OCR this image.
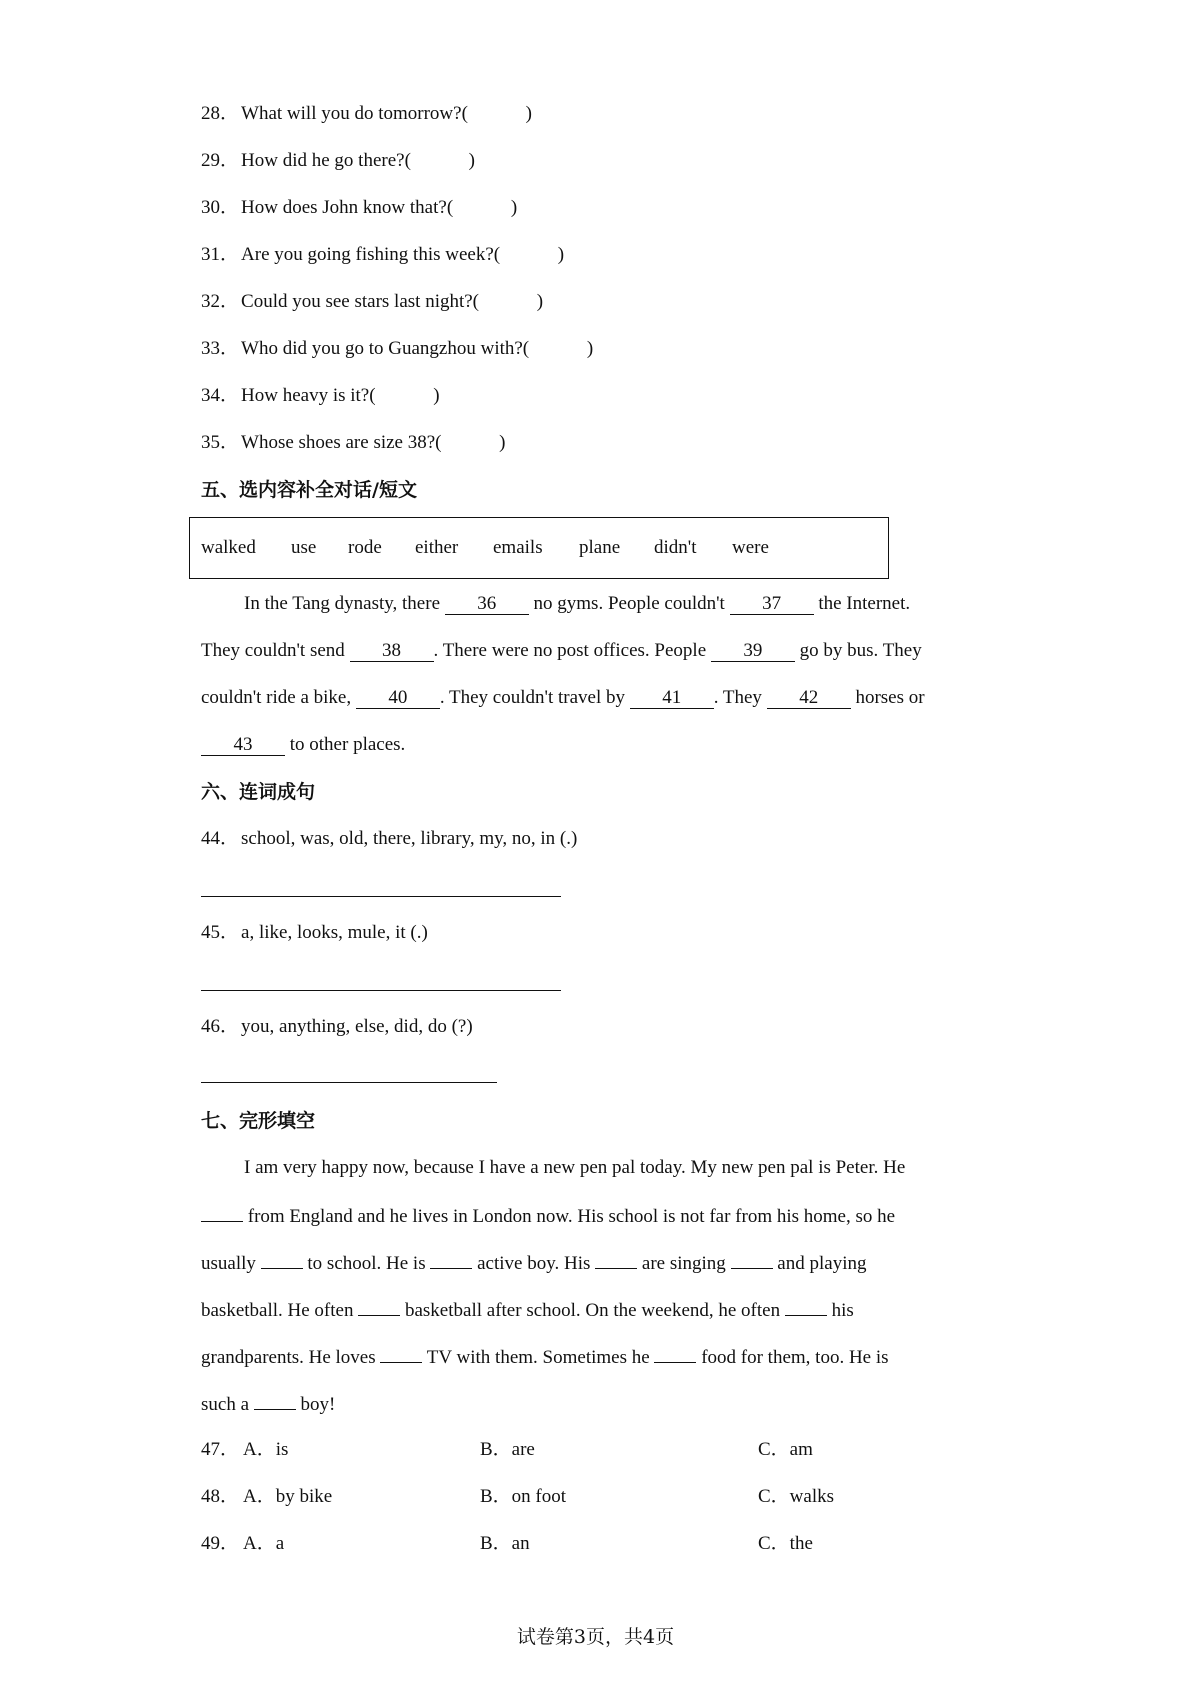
28． What will you do tomorrow?(	)
29． How did he go there?(	)
30． How does John know that?(	)
31． Are you going fishing this week?(	)
32． Could you see stars last night?(	)
33． Who did you go to Guangzhou with?(	)
34． How heavy is it?(	)
35． Whose shoes are size 38?(	)
五、选内容补全对话/短文
walked use rode either emails plane didn't were
In the Tang dynasty, there 36 no gyms. People couldn't 37 the Internet.
They couldn't send 38 . There were no post offices. People 39 go by bus. They
couldn't ride a bike, 40 . They couldn't travel by 41 . They 42 horses or
43 to other places.
六、连词成句
44． school, was, old, there, library, my, no, in (.)
45． a, like, looks, mule, it (.)
46． you, anything, else, did, do (?)
七、完形填空
I am very happy now, because I have a new pen pal today. My new pen pal is Peter. He
from England and he lives in London now. His school is not far from his home, so he
usually  to school. He is  active boy. His  are singing  and playing
basketball. He often  basketball after school. On the weekend, he often  his
grandparents. He loves  TV with them. Sometimes he  food for them, too. He is
such a  boy!
47． A．is	B．are	C．am
48． A．by bike	B．on foot	C．walks
49． A．a	B．an	C．the
试卷第3页，共4页
